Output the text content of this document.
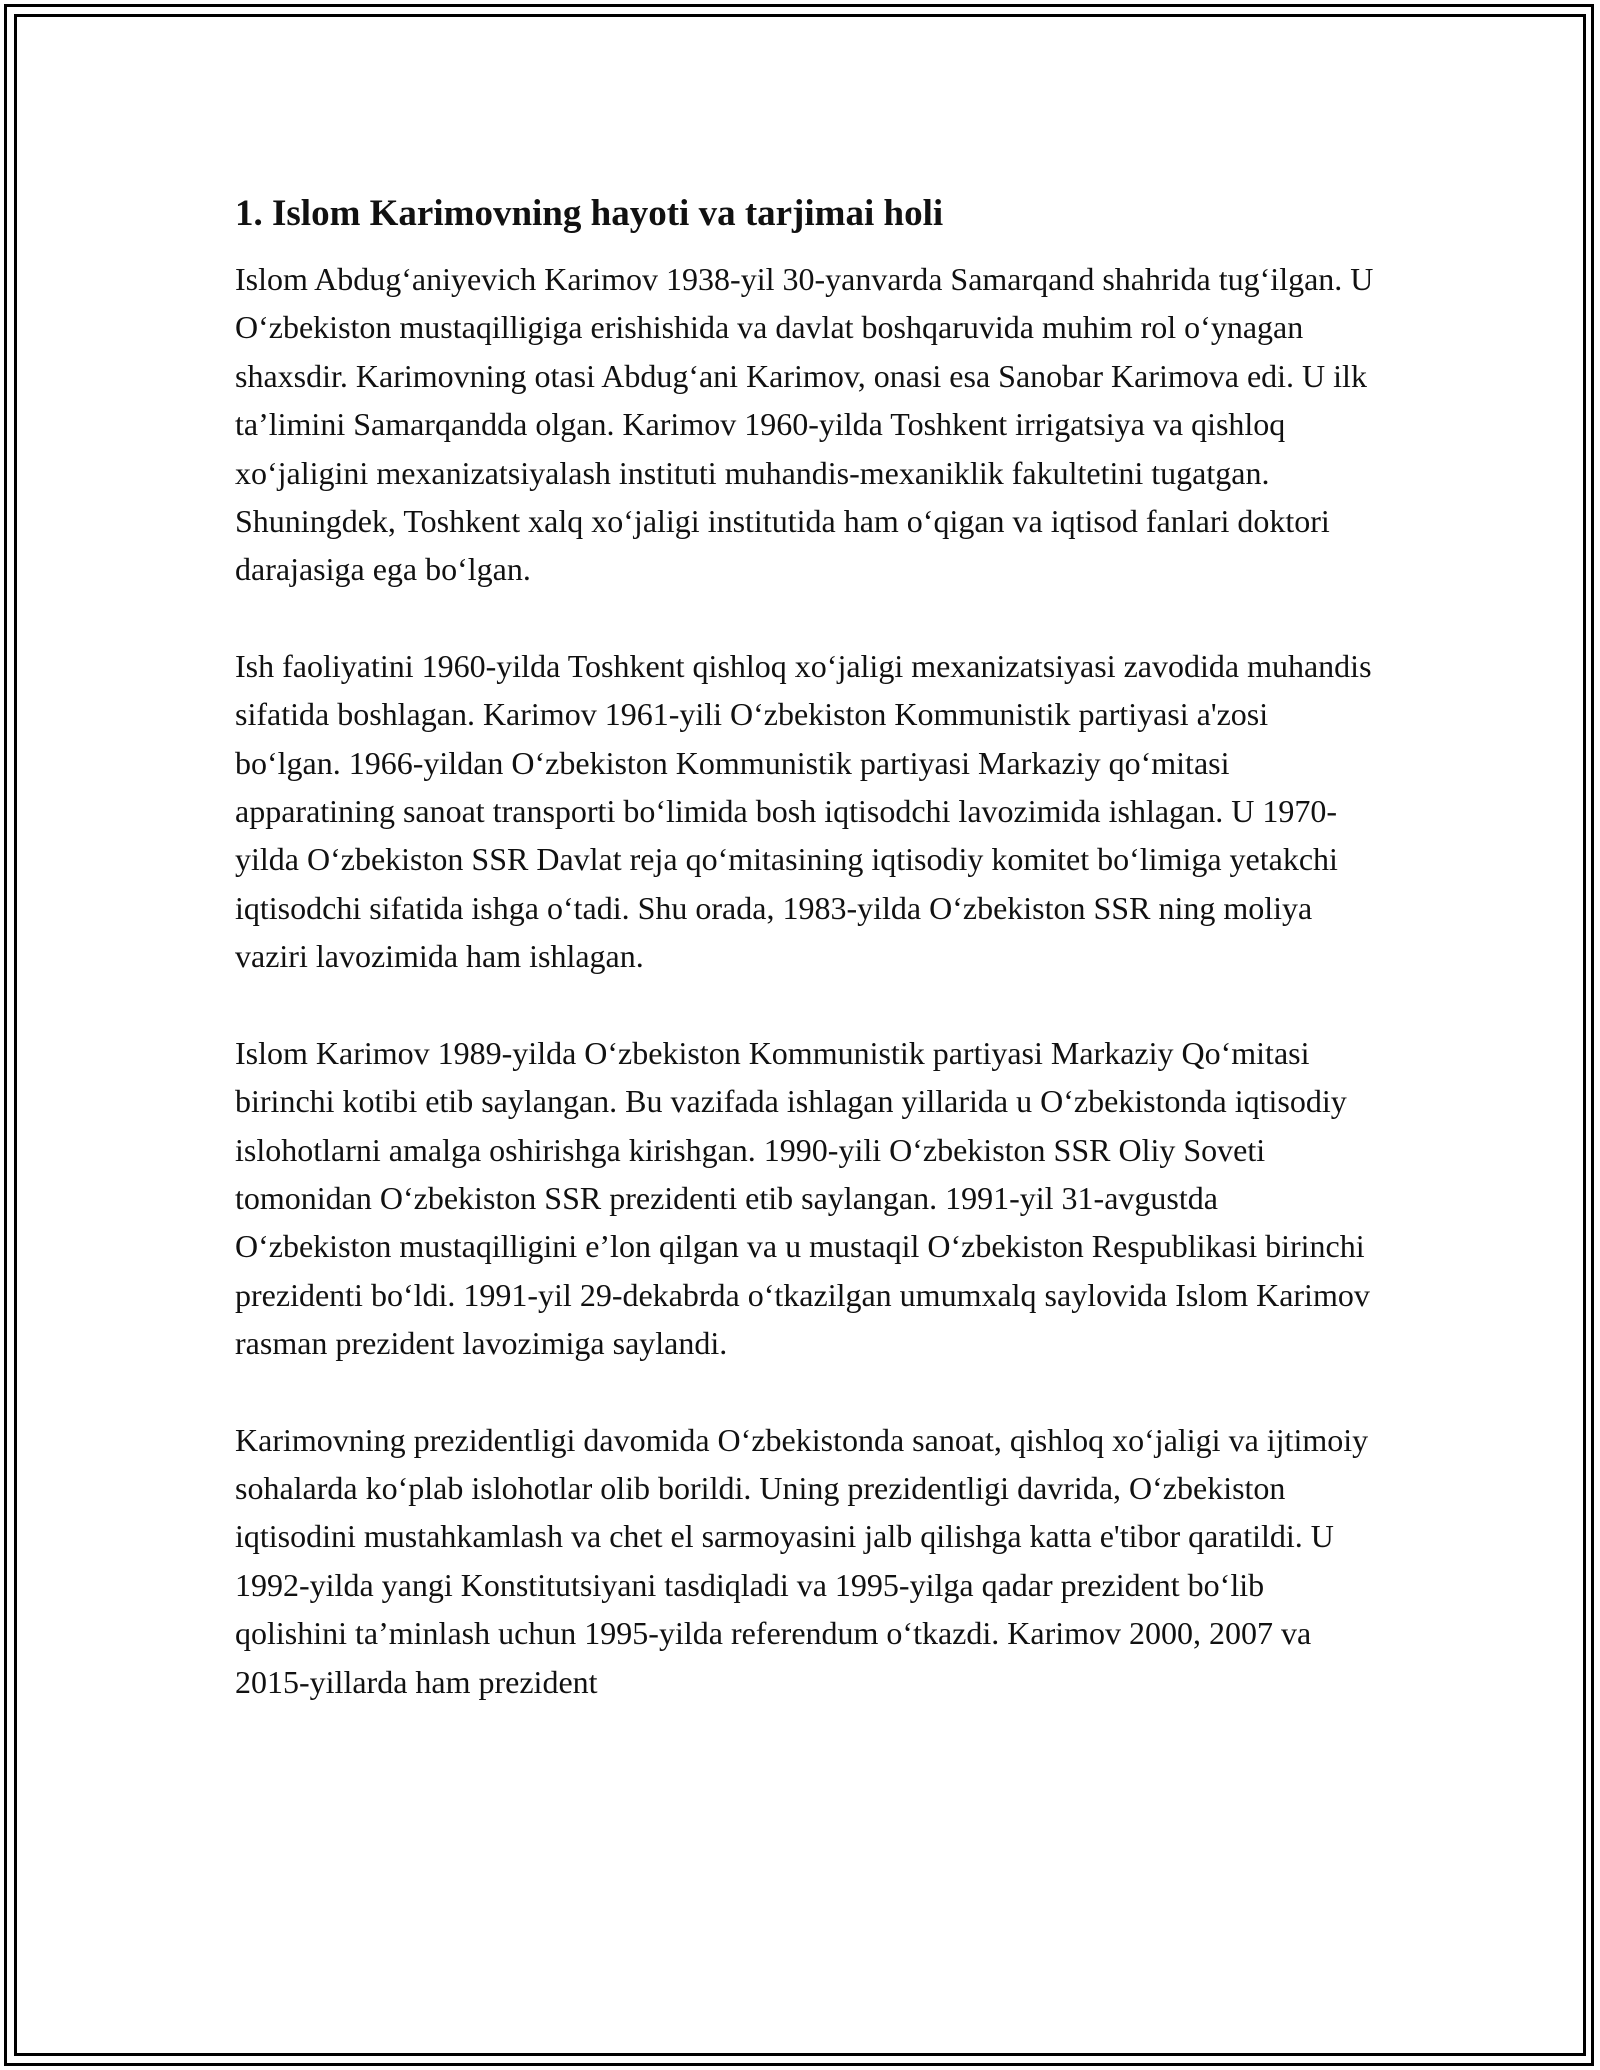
1. Islom Karimovning hayoti va tarjimai holi

Islom Abdugʻaniyevich Karimov 1938-yil 30-yanvarda Samarqand shahrida tugʻilgan. U Oʻzbekiston mustaqilligiga erishishida va davlat boshqaruvida muhim rol oʻynagan shaxsdir. Karimovning otasi Abdugʻani Karimov, onasi esa Sanobar Karimova edi. U ilk taʼlimini Samarqandda olgan. Karimov 1960-yilda Toshkent irrigatsiya va qishloq xoʻjaligini mexanizatsiyalash instituti muhandis-mexaniklik fakultetini tugatgan. Shuningdek, Toshkent xalq xoʻjaligi institutida ham oʻqigan va iqtisod fanlari doktori darajasiga ega boʻlgan.

Ish faoliyatini 1960-yilda Toshkent qishloq xoʻjaligi mexanizatsiyasi zavodida muhandis sifatida boshlagan. Karimov 1961-yili Oʻzbekiston Kommunistik partiyasi a'zosi boʻlgan. 1966-yildan Oʻzbekiston Kommunistik partiyasi Markaziy qoʻmitasi apparatining sanoat transporti boʻlimida bosh iqtisodchi lavozimida ishlagan. U 1970-yilda Oʻzbekiston SSR Davlat reja qoʻmitasining iqtisodiy komitet boʻlimiga yetakchi iqtisodchi sifatida ishga oʻtadi. Shu orada, 1983-yilda Oʻzbekiston SSR ning moliya vaziri lavozimida ham ishlagan.

Islom Karimov 1989-yilda Oʻzbekiston Kommunistik partiyasi Markaziy Qoʻmitasi birinchi kotibi etib saylangan. Bu vazifada ishlagan yillarida u Oʻzbekistonda iqtisodiy islohotlarni amalga oshirishga kirishgan. 1990-yili Oʻzbekiston SSR Oliy Soveti tomonidan Oʻzbekiston SSR prezidenti etib saylangan. 1991-yil 31-avgustda Oʻzbekiston mustaqilligini eʼlon qilgan va u mustaqil Oʻzbekiston Respublikasi birinchi prezidenti boʻldi. 1991-yil 29-dekabrda oʻtkazilgan umumxalq saylovida Islom Karimov rasman prezident lavozimiga saylandi.

Karimovning prezidentligi davomida Oʻzbekistonda sanoat, qishloq xoʻjaligi va ijtimoiy sohalarda koʻplab islohotlar olib borildi. Uning prezidentligi davrida, Oʻzbekiston iqtisodini mustahkamlash va chet el sarmoyasini jalb qilishga katta e'tibor qaratildi. U 1992-yilda yangi Konstitutsiyani tasdiqladi va 1995-yilga qadar prezident boʻlib qolishini taʼminlash uchun 1995-yilda referendum oʻtkazdi. Karimov 2000, 2007 va 2015-yillarda ham prezident
